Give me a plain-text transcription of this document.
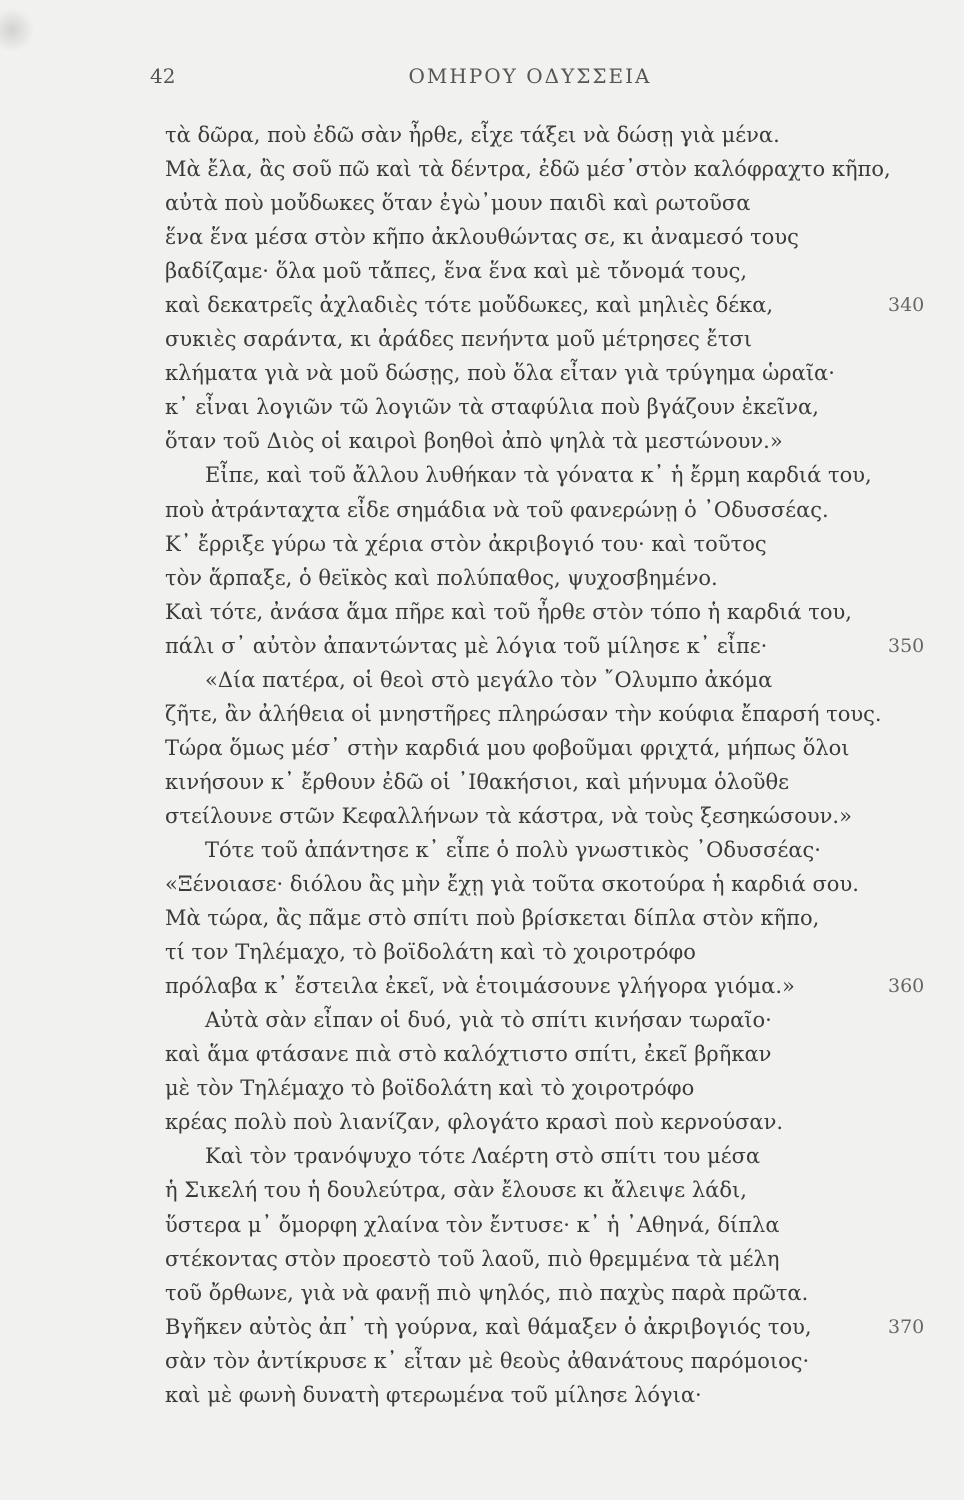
42	ΟΜΗΡΟΥ ΟΔΥΣΣΕΙΑ
τὰ δῶρα, ποὺ ἐδῶ σὰν ἦρθε, εἶχε τάξει νὰ δώσῃ γιὰ μένα.
Μὰ ἔλα, ἂς σοῦ πῶ καὶ τὰ δέντρα, ἐδῶ μέσ᾽στὸν καλόφραχτο κῆπο,
αὐτὰ ποὺ μοὔδωκες ὅταν ἐγὼ᾽μουν παιδὶ καὶ ρωτοῦσα
ἕνα ἕνα μέσα στὸν κῆπο ἀκλουθώντας σε, κι ἀναμεσό τους
βαδίζαμε· ὅλα μοῦ τἄπες, ἕνα ἕνα καὶ μὲ τὄνομά τους,
καὶ δεκατρεῖς ἀχλαδιὲς τότε μοὔδωκες, καὶ μηλιὲς δέκα,	340
συκιὲς σαράντα, κι ἀράδες πενήντα μοῦ μέτρησες ἔτσι
κλήματα γιὰ νὰ μοῦ δώσῃς, ποὺ ὅλα εἶταν γιὰ τρύγημα ὡραῖα·
κ᾽ εἶναι λογιῶν τῶ λογιῶν τὰ σταφύλια ποὺ βγάζουν ἐκεῖνα,
ὅταν τοῦ Διὸς οἱ καιροὶ βοηθοὶ ἀπὸ ψηλὰ τὰ μεστώνουν.»
Εἶπε, καὶ τοῦ ἄλλου λυθήκαν τὰ γόνατα κ᾽ ἡ ἔρμη καρδιά του,
ποὺ ἀτράνταχτα εἶδε σημάδια νὰ τοῦ φανερώνῃ ὁ ᾿Οδυσσέας.
Κ᾽ ἔρριξε γύρω τὰ χέρια στὸν ἀκριβογιό του· καὶ τοῦτος
τὸν ἅρπαξε, ὁ θεϊκὸς καὶ πολύπαθος, ψυχοσβημένο.
Καὶ τότε, ἀνάσα ἅμα πῆρε καὶ τοῦ ἦρθε στὸν τόπο ἡ καρδιά του,
πάλι σ᾽ αὐτὸν ἀπαντώντας μὲ λόγια τοῦ μίλησε κ᾽ εἶπε·	350
«Δία πατέρα, οἱ θεοὶ στὸ μεγάλο τὸν ῎Ολυμπο ἀκόμα
ζῆτε, ἂν ἀλήθεια οἱ μνηστῆρες πληρώσαν τὴν κούφια ἔπαρσή τους.
Τώρα ὅμως μέσ᾽ στὴν καρδιά μου φοβοῦμαι φριχτά, μήπως ὅλοι
κινήσουν κ᾽ ἔρθουν ἐδῶ οἱ ᾿Ιθακήσιοι, καὶ μήνυμα ὁλοῦθε
στείλουνε στῶν Κεφαλλήνων τὰ κάστρα, νὰ τοὺς ξεσηκώσουν.»
Τότε τοῦ ἀπάντησε κ᾽ εἶπε ὁ πολὺ γνωστικὸς ᾿Οδυσσέας·
«Ξένοιασε· διόλου ἂς μὴν ἔχῃ γιὰ τοῦτα σκοτούρα ἡ καρδιά σου.
Μὰ τώρα, ἂς πᾶμε στὸ σπίτι ποὺ βρίσκεται δίπλα στὸν κῆπο,
τί τον Τηλέμαχο, τὸ βοϊδολάτη καὶ τὸ χοιροτρόφο
πρόλαβα κ᾽ ἔστειλα ἐκεῖ, νὰ ἑτοιμάσουνε γλήγορα γιόμα.»	360
Αὐτὰ σὰν εἶπαν οἱ δυό, γιὰ τὸ σπίτι κινήσαν τωραῖο·
καὶ ἅμα φτάσανε πιὰ στὸ καλόχτιστο σπίτι, ἐκεῖ βρῆκαν
μὲ τὸν Τηλέμαχο τὸ βοϊδολάτη καὶ τὸ χοιροτρόφο
κρέας πολὺ ποὺ λιανίζαν, φλογάτο κρασὶ ποὺ κερνούσαν.
Καὶ τὸν τρανόψυχο τότε Λαέρτη στὸ σπίτι του μέσα
ἡ Σικελή του ἡ δουλεύτρα, σὰν ἔλουσε κι ἄλειψε λάδι,
ὕστερα μ᾽ ὄμορφη χλαίνα τὸν ἔντυσε· κ᾽ ἡ ᾿Αθηνά, δίπλα
στέκοντας στὸν προεστὸ τοῦ λαοῦ, πιὸ θρεμμένα τὰ μέλη
τοῦ ὄρθωνε, γιὰ νὰ φανῇ πιὸ ψηλός, πιὸ παχὺς παρὰ πρῶτα.
Βγῆκεν αὐτὸς ἀπ᾽ τὴ γούρνα, καὶ θάμαξεν ὁ ἀκριβογιός του,	370
σὰν τὸν ἀντίκρυσε κ᾽ εἶταν μὲ θεοὺς ἀθανάτους παρόμοιος·
καὶ μὲ φωνὴ δυνατὴ φτερωμένα τοῦ μίλησε λόγια·
